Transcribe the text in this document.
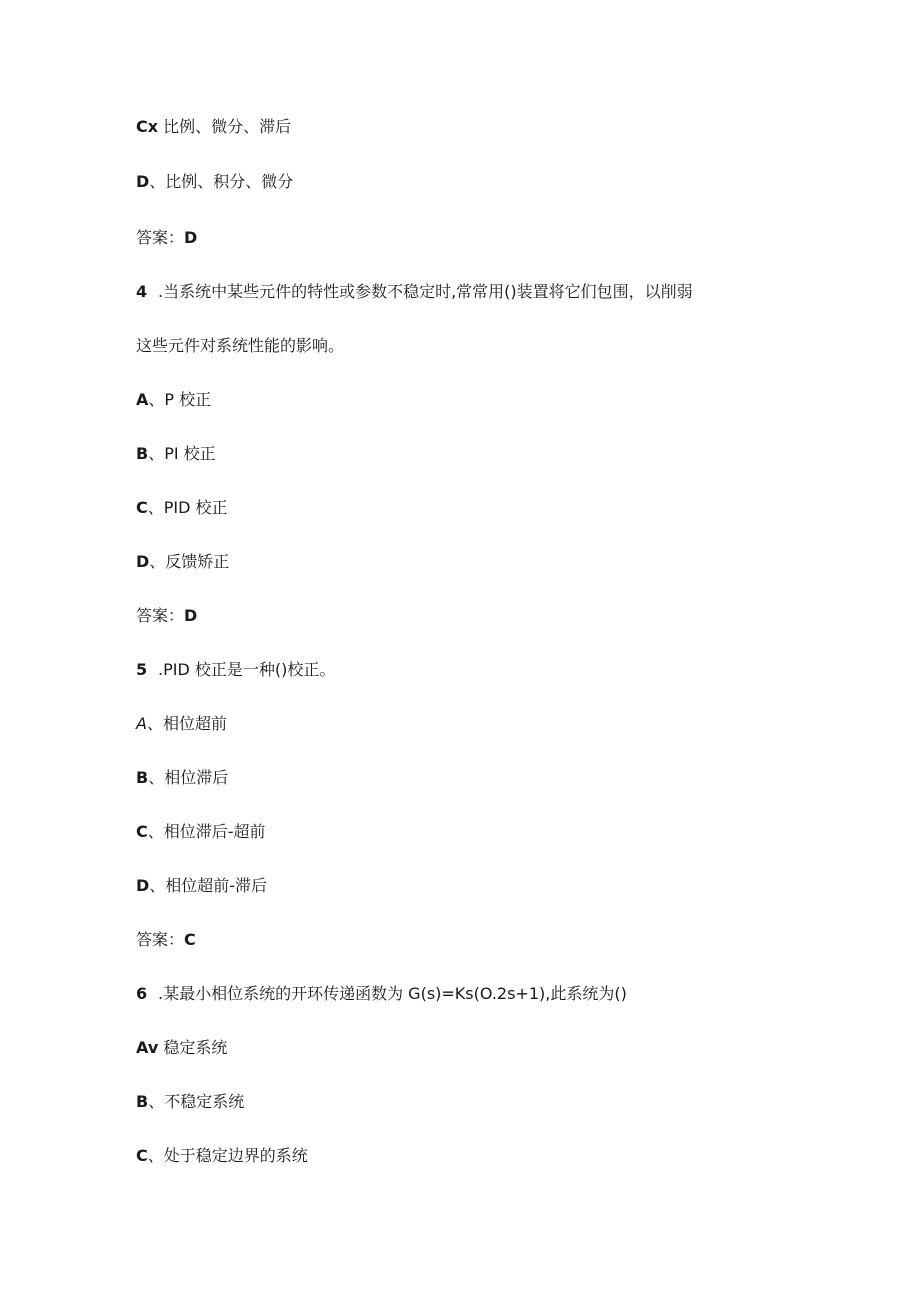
Cx 比例、微分、滞后
D、比例、积分、微分
答案：D
4 .当系统中某些元件的特性或参数不稳定时,常常用()装置将它们包围，以削弱
这些元件对系统性能的影响。
A、P 校正
B、PI 校正
C、PID 校正
D、反馈矫正
答案：D
5 .PID 校正是一种()校正。
A、相位超前
B、相位滞后
C、相位滞后-超前
D、相位超前-滞后
答案：C
6 .某最小相位系统的开环传递函数为 G(s)=Ks(O.2s+1),此系统为()
Av 稳定系统
B、不稳定系统
C、处于稳定边界的系统
